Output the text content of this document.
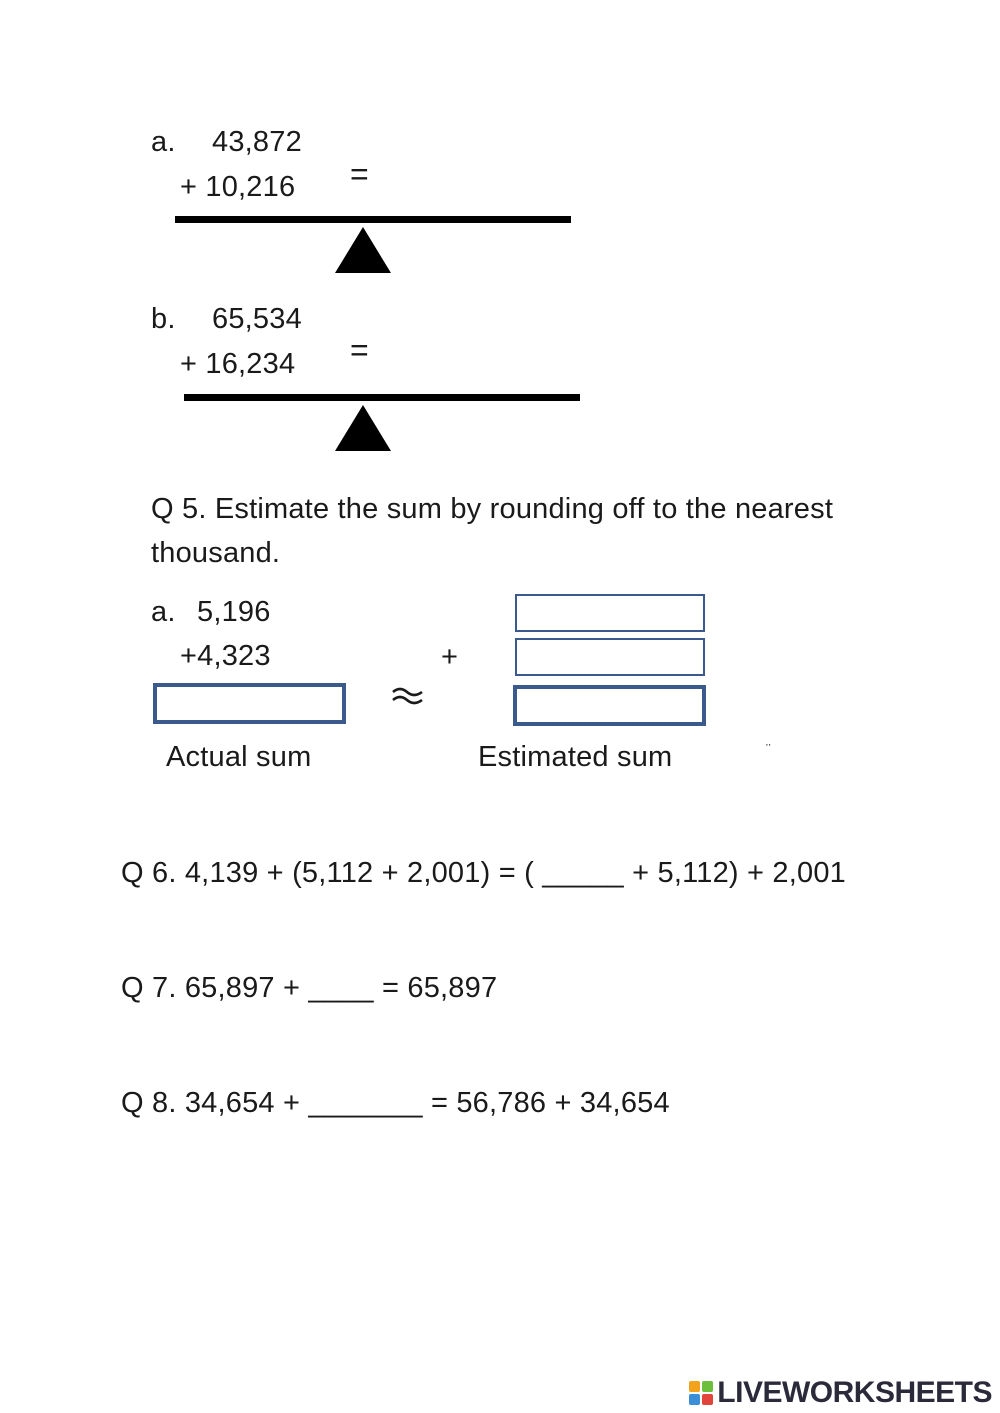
a. 43,872
+ 10,216 =
b. 65,534
+ 16,234 =
Q 5. Estimate the sum by rounding off to the nearest
thousand.
a. 5,196
+4,323	+
Actual sum	Estimated sum	¨
Q 6. 4,139 + (5,112 + 2,001) = ( _____ + 5,112) + 2,001
Q 7. 65,897 + ____ = 65,897
Q 8. 34,654 + _______ = 56,786 + 34,654
LIVEWORKSHEETS
